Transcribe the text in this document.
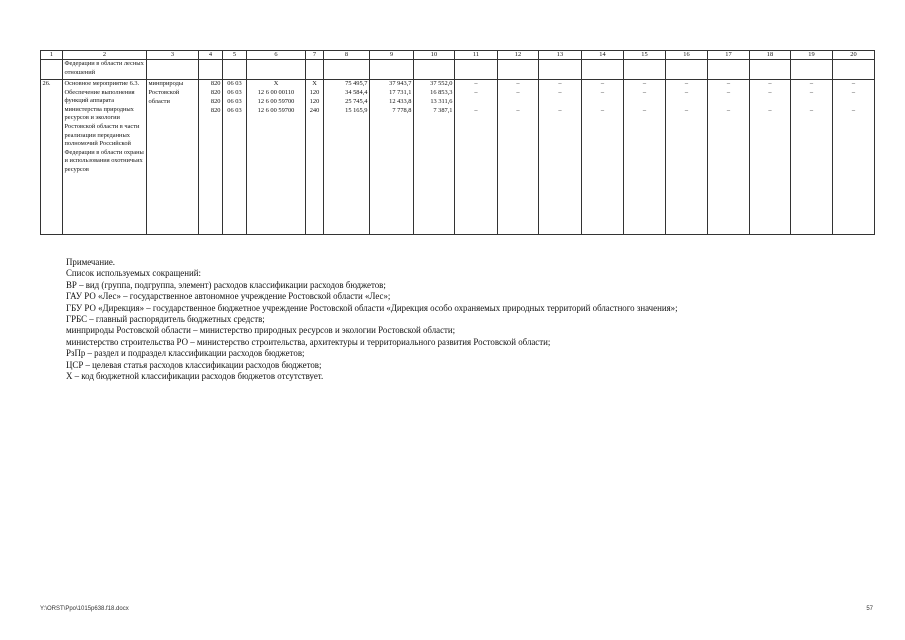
1	2	3	4	5	6	7	8	9	10	11	12	13	14	15	16	17	18	19	20
	Федерации в области лесных отношений																		
26.	Основное мероприятие 6.3. Обеспечение выполнения функций аппарата министерства природных ресурсов и экологии Ростовской области в части реализации переданных полномочий Российской Федерации в области охраны и использования охотничьих ресурсов	минприроды	820	06 03	Х	Х	75 495,7	37 943,7	37 552,0	–	–	–	–	–	–	–	–	–	–
		Ростовской	820	06 03	12 6 00 00110	120	34 584,4	17 731,1	16 853,3	–	–	–	–	–	–	–	–	–	–
		области	820	06 03	12 6 00 59700	120	25 745,4	12 433,8	13 311,6										
			820	06 03	12 6 00 59700	240	15 165,9	7 778,8	7 387,1	–	–	–	–	–	–	–	–	–	–
Примечание.
Список используемых сокращений:
ВР – вид (группа, подгруппа, элемент) расходов классификации расходов бюджетов;
ГАУ РО «Лес» – государственное автономное учреждение Ростовской области «Лес»;
ГБУ РО «Дирекция» – государственное бюджетное учреждение Ростовской области «Дирекция особо охраняемых природных территорий областного значения»;
ГРБС – главный распорядитель бюджетных средств;
минприроды Ростовской области – министерство природных ресурсов и экологии Ростовской области;
министерство строительства РО – министерство строительства, архитектуры и территориального развития Ростовской области;
РзПр – раздел и подраздел классификации расходов бюджетов;
ЦСР – целевая статья расходов классификации расходов бюджетов;
Х – код бюджетной классификации расходов бюджетов отсутствует.
Y:\ORST\Ppo\1015p638.f18.docx	57
